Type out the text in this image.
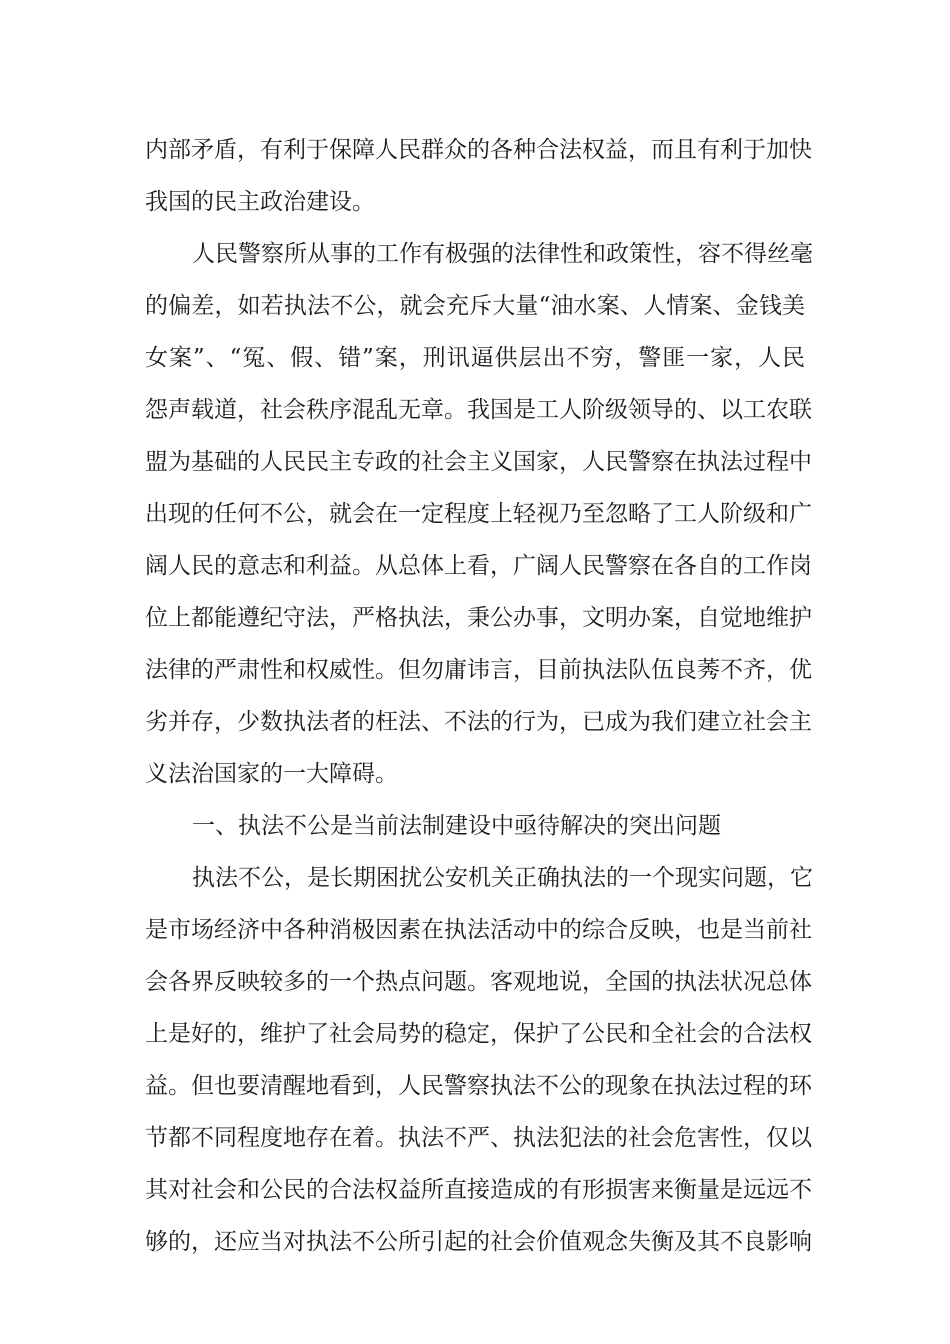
内部矛盾，有利于保障人民群众的各种合法权益，而且有利于加快
我国的民主政治建设。
人民警察所从事的工作有极强的法律性和政策性，容不得丝毫
的偏差，如若执法不公，就会充斥大量“油水案、人情案、金钱美
女案”、“冤、假、错”案，刑讯逼供层出不穷，警匪一家，人民
怨声载道，社会秩序混乱无章。我国是工人阶级领导的、以工农联
盟为基础的人民民主专政的社会主义国家，人民警察在执法过程中
出现的任何不公，就会在一定程度上轻视乃至忽略了工人阶级和广
阔人民的意志和利益。从总体上看，广阔人民警察在各自的工作岗
位上都能遵纪守法，严格执法，秉公办事，文明办案，自觉地维护
法律的严肃性和权威性。但勿庸讳言，目前执法队伍良莠不齐，优
劣并存，少数执法者的枉法、不法的行为，已成为我们建立社会主
义法治国家的一大障碍。
一、执法不公是当前法制建设中亟待解决的突出问题
执法不公，是长期困扰公安机关正确执法的一个现实问题，它
是市场经济中各种消极因素在执法活动中的综合反映，也是当前社
会各界反映较多的一个热点问题。客观地说，全国的执法状况总体
上是好的，维护了社会局势的稳定，保护了公民和全社会的合法权
益。但也要清醒地看到，人民警察执法不公的现象在执法过程的环
节都不同程度地存在着。执法不严、执法犯法的社会危害性，仅以
其对社会和公民的合法权益所直接造成的有形损害来衡量是远远不
够的，还应当对执法不公所引起的社会价值观念失衡及其不良影响
